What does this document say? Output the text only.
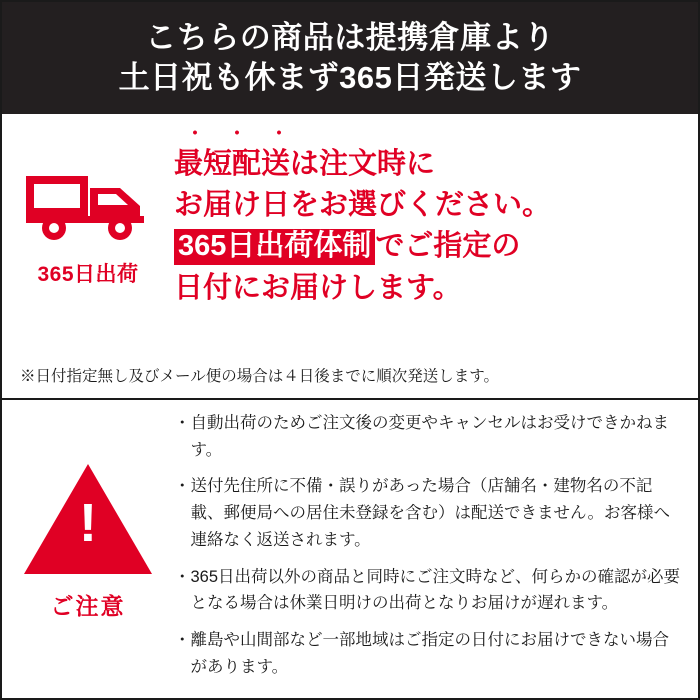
こちらの商品は提携倉庫より
土日祝も休まず365日発送します
365日出荷
・・・
最短配送は注文時に
お届け日をお選びください。
365日出荷体制 でご指定の
日付にお届けします。
※日付指定無し及びメール便の場合は４日後までに順次発送します。
!
ご注意
・ 自動出荷のためご注文後の変更やキャンセルはお受けできかねます。
・ 送付先住所に不備・誤りがあった場合（店舗名・建物名の不記載、郵便局への居住未登録を含む）は配送できません。お客様へ連絡なく返送されます。
・ 365日出荷以外の商品と同時にご注文時など、何らかの確認が必要となる場合は休業日明けの出荷となりお届けが遅れます。
・ 離島や山間部など一部地域はご指定の日付にお届けできない場合があります。
